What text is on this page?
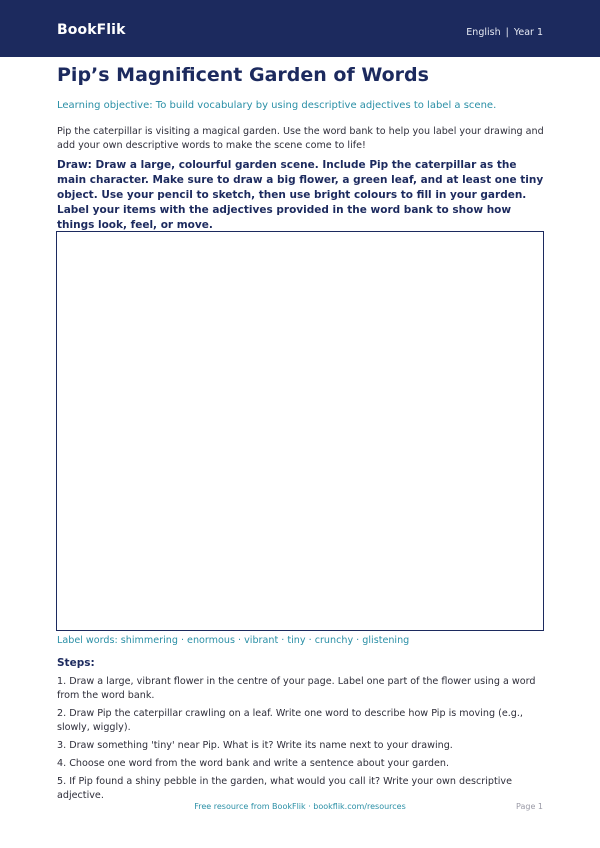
BookFlik	English | Year 1
Pip’s Magnificent Garden of Words

Learning objective: To build vocabulary by using descriptive adjectives to label a scene.

Pip the caterpillar is visiting a magical garden. Use the word bank to help you label your drawing and add your own descriptive words to make the scene come to life!

Draw: Draw a large, colourful garden scene. Include Pip the caterpillar as the main character. Make sure to draw a big flower, a green leaf, and at least one tiny object. Use your pencil to sketch, then use bright colours to fill in your garden. Label your items with the adjectives provided in the word bank to show how things look, feel, or move.

Label words: shimmering · enormous · vibrant · tiny · crunchy · glistening

Steps:
1. Draw a large, vibrant flower in the centre of your page. Label one part of the flower using a word from the word bank.
2. Draw Pip the caterpillar crawling on a leaf. Write one word to describe how Pip is moving (e.g., slowly, wiggly).
3. Draw something 'tiny' near Pip. What is it? Write its name next to your drawing.
4. Choose one word from the word bank and write a sentence about your garden.
5. If Pip found a shiny pebble in the garden, what would you call it? Write your own descriptive adjective.
Free resource from BookFlik · bookflik.com/resources	Page 1
